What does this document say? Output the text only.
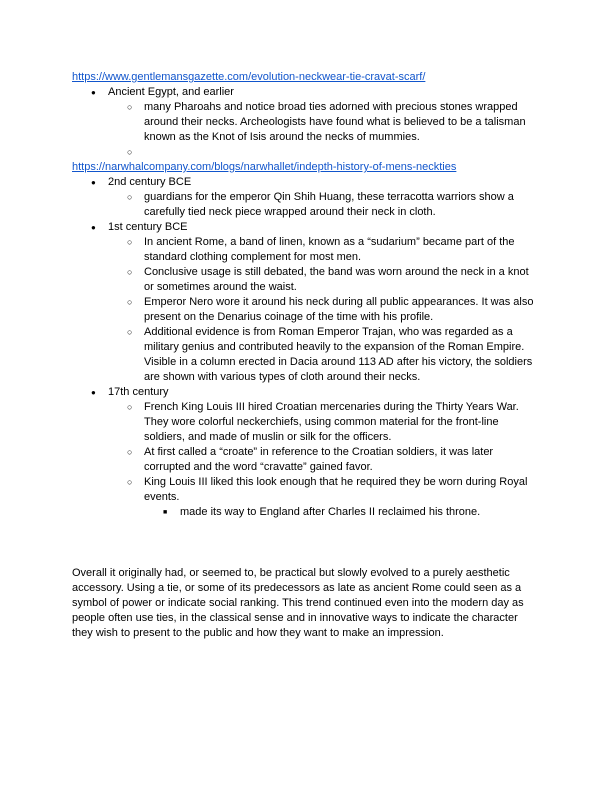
https://www.gentlemansgazette.com/evolution-neckwear-tie-cravat-scarf/
● Ancient Egypt, and earlier
○ many Pharoahs and notice broad ties adorned with precious stones wrapped around their necks. Archeologists have found what is believed to be a talisman known as the Knot of Isis around the necks of mummies.
○
https://narwhalcompany.com/blogs/narwhallet/indepth-history-of-mens-neckties
● 2nd century BCE
○ guardians for the emperor Qin Shih Huang, these terracotta warriors show a carefully tied neck piece wrapped around their neck in cloth.
● 1st century BCE
○ In ancient Rome, a band of linen, known as a “sudarium” became part of the standard clothing complement for most men.
○ Conclusive usage is still debated, the band was worn around the neck in a knot or sometimes around the waist.
○ Emperor Nero wore it around his neck during all public appearances. It was also present on the Denarius coinage of the time with his profile.
○ Additional evidence is from Roman Emperor Trajan, who was regarded as a military genius and contributed heavily to the expansion of the Roman Empire. Visible in a column erected in Dacia around 113 AD after his victory, the soldiers are shown with various types of cloth around their necks.
● 17th century
○ French King Louis III hired Croatian mercenaries during the Thirty Years War. They wore colorful neckerchiefs, using common material for the front-line soldiers, and made of muslin or silk for the officers.
○ At first called a “croate” in reference to the Croatian soldiers, it was later corrupted and the word “cravatte” gained favor.
○ King Louis III liked this look enough that he required they be worn during Royal events.
■ made its way to England after Charles II reclaimed his throne.
Overall it originally had, or seemed to, be practical but slowly evolved to a purely aesthetic accessory. Using a tie, or some of its predecessors as late as ancient Rome could seen as a symbol of power or indicate social ranking. This trend continued even into the modern day as people often use ties, in the classical sense and in innovative ways to indicate the character they wish to present to the public and how they want to make an impression.
